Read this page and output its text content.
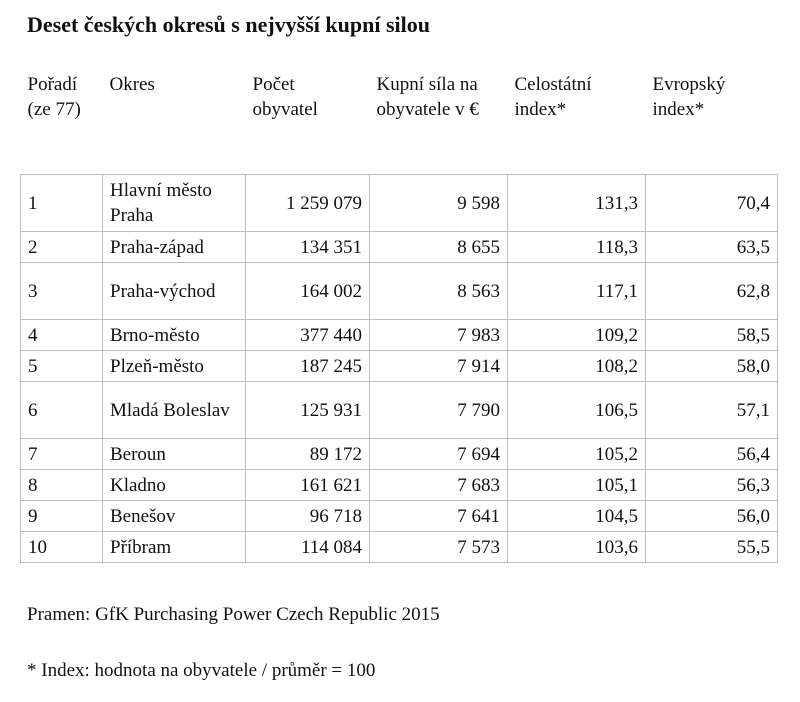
Deset českých okresů s nejvyšší kupní silou
Pořadí (ze 77)	Okres	Počet obyvatel	Kupní síla na obyvatele v €	Celostátní index*	Evropský index*
1	Hlavní město Praha	1 259 079	9 598	131,3	70,4
2	Praha-západ	134 351	8 655	118,3	63,5
3	Praha-východ	164 002	8 563	117,1	62,8
4	Brno-město	377 440	7 983	109,2	58,5
5	Plzeň-město	187 245	7 914	108,2	58,0
6	Mladá Boleslav	125 931	7 790	106,5	57,1
7	Beroun	89 172	7 694	105,2	56,4
8	Kladno	161 621	7 683	105,1	56,3
9	Benešov	96 718	7 641	104,5	56,0
10	Příbram	114 084	7 573	103,6	55,5

Pramen: GfK Purchasing Power Czech Republic 2015

* Index: hodnota na obyvatele / průměr = 100
